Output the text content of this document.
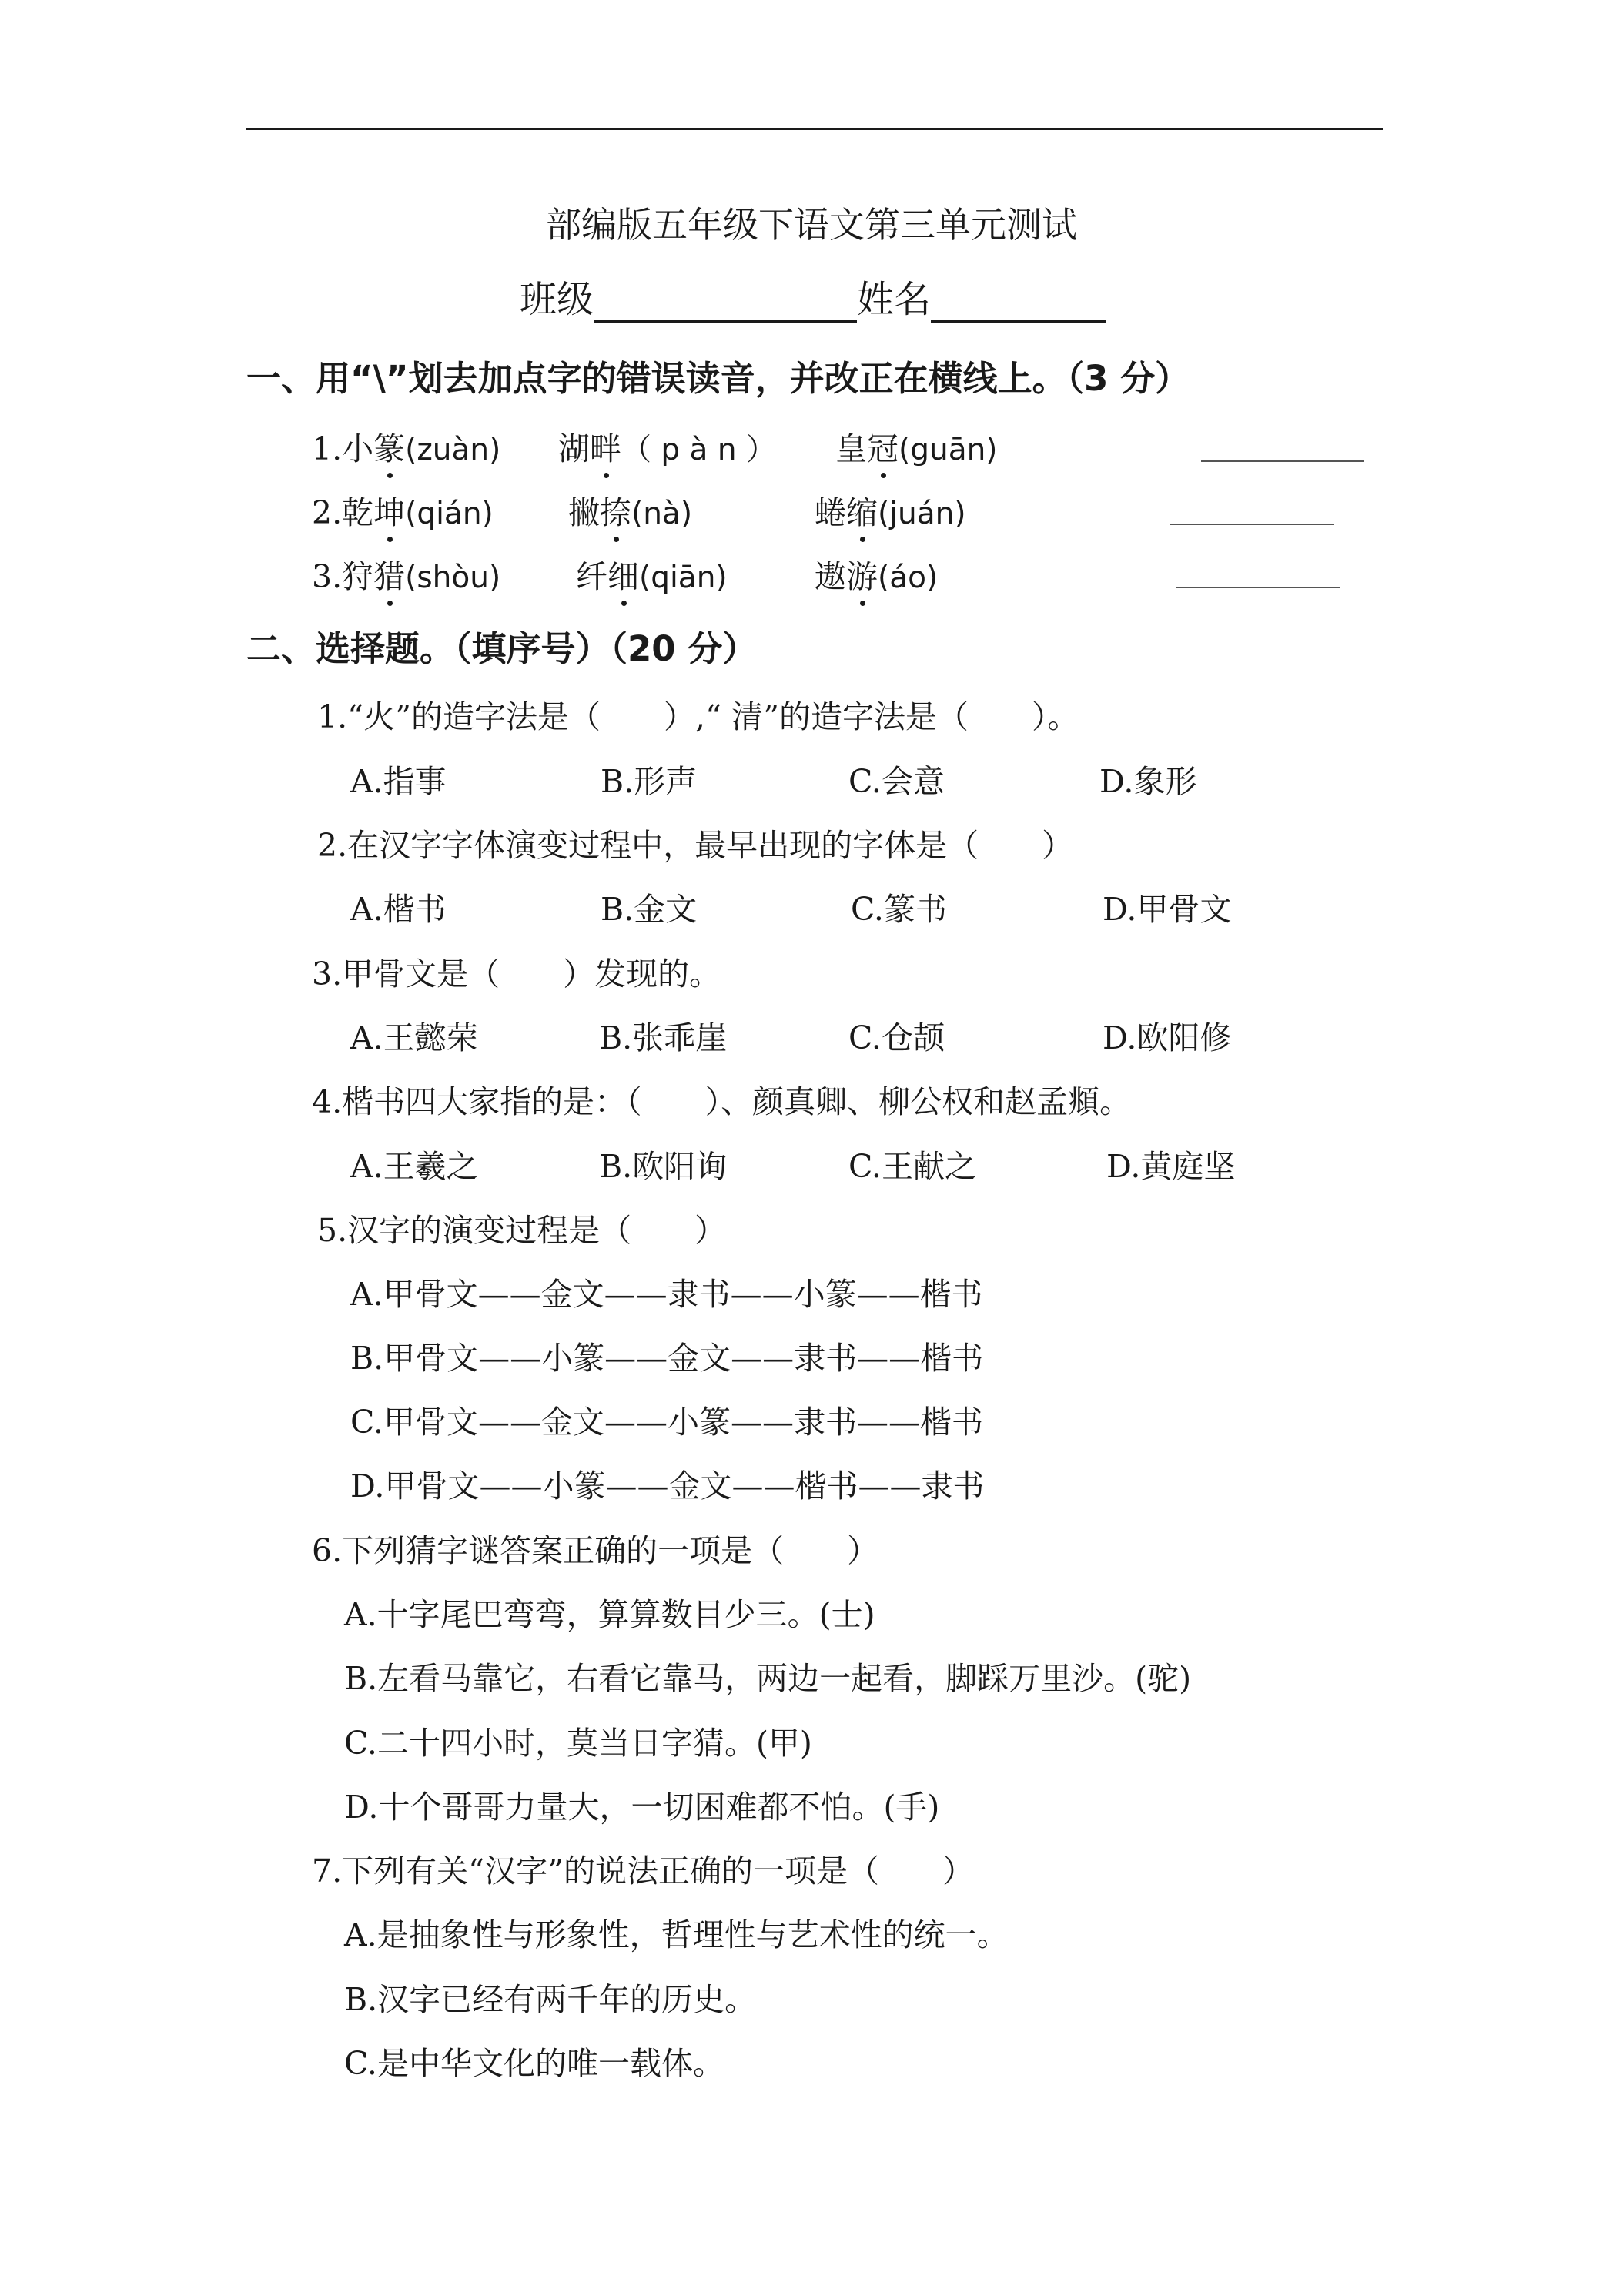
部编版五年级下语文第三单元测试
班级	姓名
一、用“\”划去加点字的错误读音，并改正在横线上。（3 分）
1.小篆(zuàn) 湖畔（ p à n ） 皇冠(guān)
2.乾坤(qián) 撇捺(nà)	蜷缩(juán)
3.狩猎(shòu) 纤细(qiān)	遨游(áo)
二、选择题。（填序号）（20 分）
1.“火”的造字法是（　　）,“ 清”的造字法是（　　）。
A.指事	B.形声	C.会意	D.象形
2.在汉字字体演变过程中，最早出现的字体是（　　）
A.楷书	B.金文	C.篆书	D.甲骨文
3.甲骨文是（　　）发现的。
A.王懿荣	B.张乖崖	C.仓颉	D.欧阳修
4.楷书四大家指的是：（　　）、颜真卿、柳公权和赵孟頫。
A.王羲之	B.欧阳询	C.王献之	D.黄庭坚
5.汉字的演变过程是（　　）
A.甲骨文——金文——隶书——小篆——楷书
B.甲骨文——小篆——金文——隶书——楷书
C.甲骨文——金文——小篆——隶书——楷书
D.甲骨文——小篆——金文——楷书——隶书
6.下列猜字谜答案正确的一项是（　　）
A.十字尾巴弯弯，算算数目少三。(士)
B.左看马靠它，右看它靠马，两边一起看，脚踩万里沙。(驼)
C.二十四小时，莫当日字猜。(甲)
D.十个哥哥力量大，一切困难都不怕。(手)
7.下列有关“汉字”的说法正确的一项是（　　）
A.是抽象性与形象性，哲理性与艺术性的统一。
B.汉字已经有两千年的历史。
C.是中华文化的唯一载体。
